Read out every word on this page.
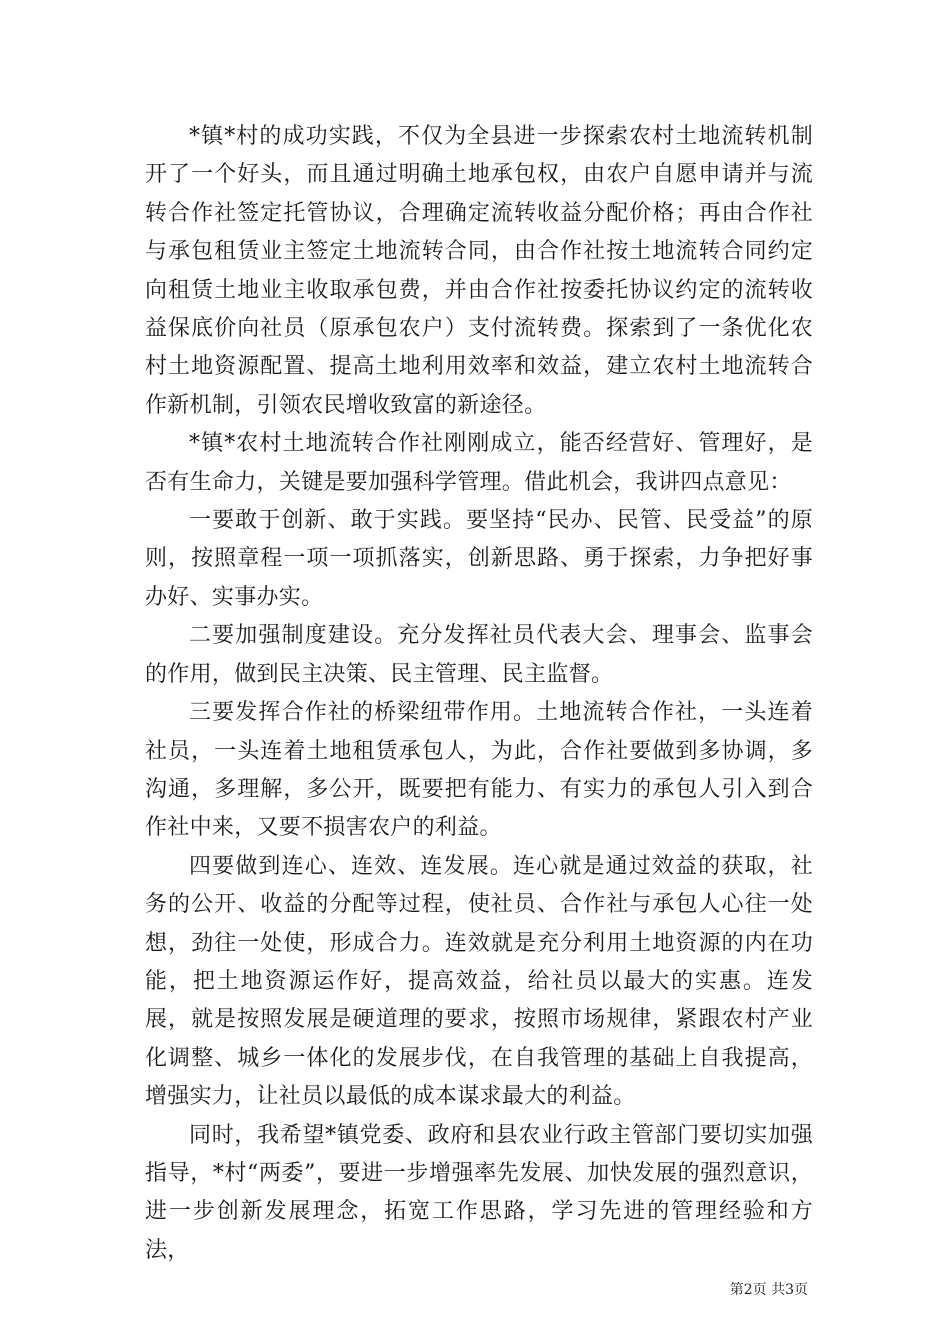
*镇*村的成功实践，不仅为全县进一步探索农村土地流转机制开了一个好头，而且通过明确土地承包权，由农户自愿申请并与流转合作社签定托管协议，合理确定流转收益分配价格；再由合作社与承包租赁业主签定土地流转合同，由合作社按土地流转合同约定向租赁土地业主收取承包费，并由合作社按委托协议约定的流转收益保底价向社员（原承包农户）支付流转费。探索到了一条优化农村土地资源配置、提高土地利用效率和效益，建立农村土地流转合作新机制，引领农民增收致富的新途径。

*镇*农村土地流转合作社刚刚成立，能否经营好、管理好，是否有生命力，关键是要加强科学管理。借此机会，我讲四点意见：

一要敢于创新、敢于实践。要坚持“民办、民管、民受益”的原则，按照章程一项一项抓落实，创新思路、勇于探索，力争把好事办好、实事办实。

二要加强制度建设。充分发挥社员代表大会、理事会、监事会的作用，做到民主决策、民主管理、民主监督。

三要发挥合作社的桥梁纽带作用。土地流转合作社，一头连着社员，一头连着土地租赁承包人，为此，合作社要做到多协调，多沟通，多理解，多公开，既要把有能力、有实力的承包人引入到合作社中来，又要不损害农户的利益。

四要做到连心、连效、连发展。连心就是通过效益的获取，社务的公开、收益的分配等过程，使社员、合作社与承包人心往一处想，劲往一处使，形成合力。连效就是充分利用土地资源的内在功能，把土地资源运作好，提高效益，给社员以最大的实惠。连发展，就是按照发展是硬道理的要求，按照市场规律，紧跟农村产业化调整、城乡一体化的发展步伐，在自我管理的基础上自我提高，增强实力，让社员以最低的成本谋求最大的利益。

同时，我希望*镇党委、政府和县农业行政主管部门要切实加强指导，*村“两委”，要进一步增强率先发展、加快发展的强烈意识，进一步创新发展理念，拓宽工作思路，学习先进的管理经验和方法，

第2页 共3页
